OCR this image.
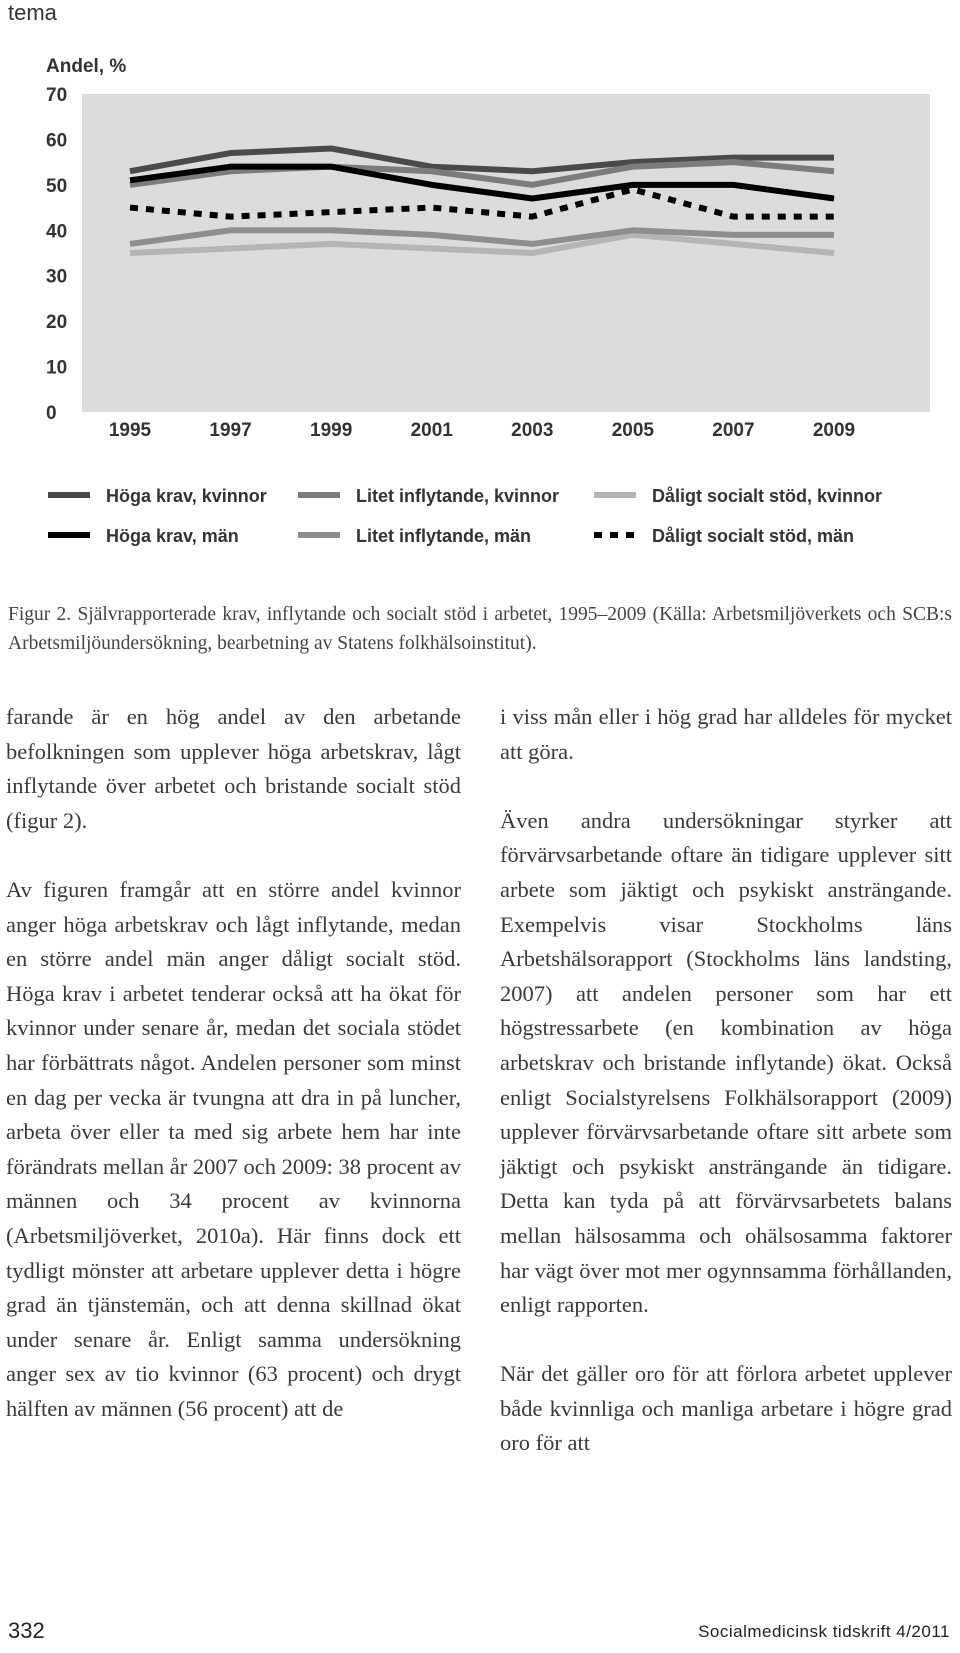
tema
Andel, %
0
10
20
30
40
50
60
70
1995	1997	1999	2001	2003	2005	2007	2009
Höga krav, kvinnor	Litet inflytande, kvinnor	Dåligt socialt stöd, kvinnor
Höga krav, män	Litet inflytande, män	Dåligt socialt stöd, män
Figur 2. Självrapporterade krav, inflytande och socialt stöd i arbetet, 1995–2009 (Källa: Arbetsmiljöverkets och SCB:s Arbetsmiljöundersökning, bearbetning av Statens folkhälsoinstitut).

farande är en hög andel av den arbetande befolkningen som upplever höga arbetskrav, lågt inflytande över arbetet och bristande socialt stöd (figur 2).

Av figuren framgår att en större andel kvinnor anger höga arbetskrav och lågt inflytande, medan en större andel män anger dåligt socialt stöd. Höga krav i arbetet tenderar också att ha ökat för kvinnor under senare år, medan det sociala stödet har förbättrats något. Andelen personer som minst en dag per vecka är tvungna att dra in på luncher, arbeta över eller ta med sig arbete hem har inte förändrats mellan år 2007 och 2009: 38 procent av männen och 34 procent av kvinnorna (Arbetsmiljöverket, 2010a). Här finns dock ett tydligt mönster att arbetare upplever detta i högre grad än tjänstemän, och att denna skillnad ökat under senare år. Enligt samma undersökning anger sex av tio kvinnor (63 procent) och drygt hälften av männen (56 procent) att de

i viss mån eller i hög grad har alldeles för mycket att göra.

Även andra undersökningar styrker att förvärvsarbetande oftare än tidigare upplever sitt arbete som jäktigt och psykiskt ansträngande. Exempelvis visar Stockholms läns Arbetshälsorapport (Stockholms läns landsting, 2007) att andelen personer som har ett högstressarbete (en kombination av höga arbetskrav och bristande inflytande) ökat. Också enligt Socialstyrelsens Folkhälsorapport (2009) upplever förvärvsarbetande oftare sitt arbete som jäktigt och psykiskt ansträngande än tidigare. Detta kan tyda på att förvärvsarbetets balans mellan hälsosamma och ohälsosamma faktorer har vägt över mot mer ogynnsamma förhållanden, enligt rapporten.

När det gäller oro för att förlora arbetet upplever både kvinnliga och manliga arbetare i högre grad oro för att

332	Socialmedicinsk tidskrift 4/2011
